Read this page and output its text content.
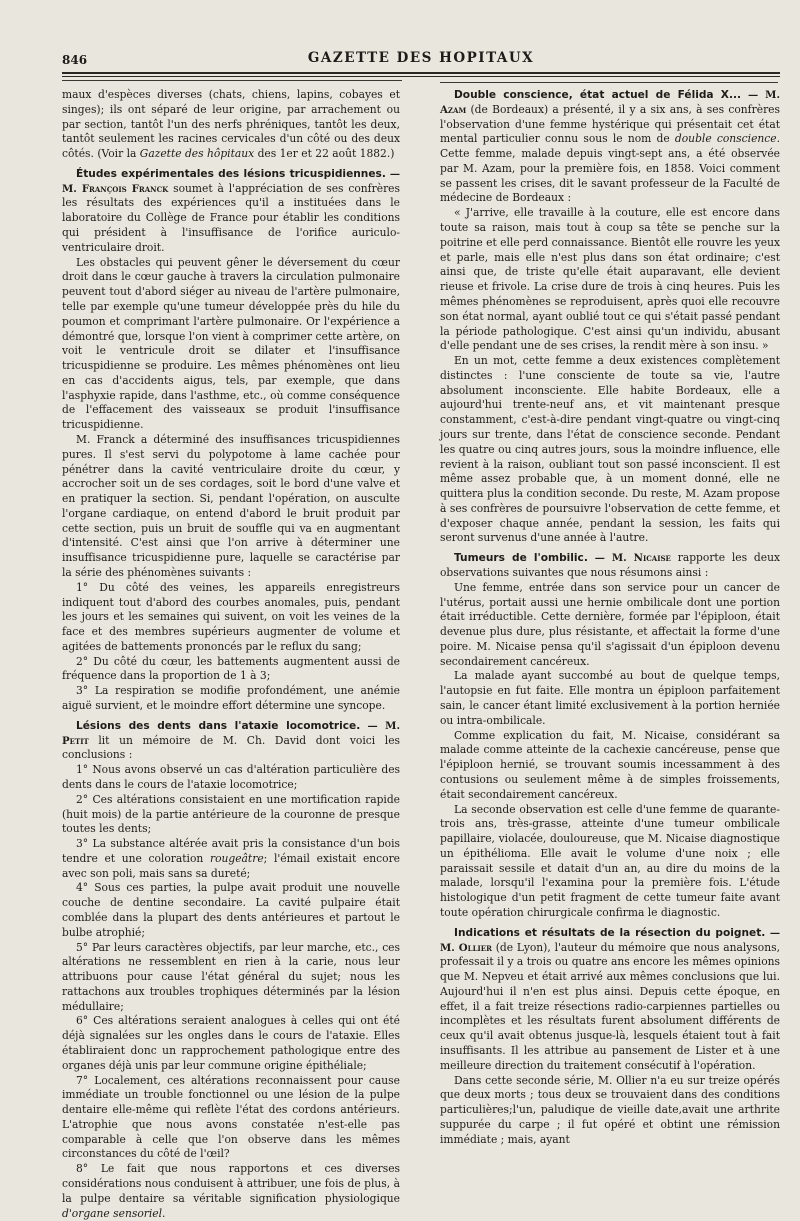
846	GAZETTE DES HOPITAUX

maux d'espèces diverses (chats, chiens, lapins, cobayes et singes); ils ont séparé de leur origine, par arrachement ou par section, tantôt l'un des nerfs phréniques, tantôt les deux, tantôt seulement les racines cervicales d'un côté ou des deux côtés. (Voir la Gazette des hôpitaux des 1er et 22 août 1882.)

Études expérimentales des lésions tricuspidiennes. — M. François Franck soumet à l'appréciation de ses confrères les résultats des expériences qu'il a instituées dans le laboratoire du Collège de France pour établir les conditions qui président à l'insuffisance de l'orifice auriculo-ventriculaire droit.

Les obstacles qui peuvent gêner le déversement du cœur droit dans le cœur gauche à travers la circulation pulmonaire peuvent tout d'abord siéger au niveau de l'artère pulmonaire, telle par exemple qu'une tumeur développée près du hile du poumon et comprimant l'artère pulmonaire. Or l'expérience a démontré que, lorsque l'on vient à comprimer cette artère, on voit le ventricule droit se dilater et l'insuffisance tricuspidienne se produire. Les mêmes phénomènes ont lieu en cas d'accidents aigus, tels, par exemple, que dans l'asphyxie rapide, dans l'asthme, etc., où comme conséquence de l'effacement des vaisseaux se produit l'insuffisance tricuspidienne.

M. Franck a déterminé des insuffisances tricuspidiennes pures. Il s'est servi du polypotome à lame cachée pour pénétrer dans la cavité ventriculaire droite du cœur, y accrocher soit un de ses cordages, soit le bord d'une valve et en pratiquer la section. Si, pendant l'opération, on ausculte l'organe cardiaque, on entend d'abord le bruit produit par cette section, puis un bruit de souffle qui va en augmentant d'intensité. C'est ainsi que l'on arrive à déterminer une insuffisance tricuspidienne pure, laquelle se caractérise par la série des phénomènes suivants :

1° Du côté des veines, les appareils enregistreurs indiquent tout d'abord des courbes anomales, puis, pendant les jours et les semaines qui suivent, on voit les veines de la face et des membres supérieurs augmenter de volume et agitées de battements prononcés par le reflux du sang;

2° Du côté du cœur, les battements augmentent aussi de fréquence dans la proportion de 1 à 3;

3° La respiration se modifie profondément, une anémie aiguë survient, et le moindre effort détermine une syncope.

Lésions des dents dans l'ataxie locomotrice. — M. Petit lit un mémoire de M. Ch. David dont voici les conclusions :

1° Nous avons observé un cas d'altération particulière des dents dans le cours de l'ataxie locomotrice;

2° Ces altérations consistaient en une mortification rapide (huit mois) de la partie antérieure de la couronne de presque toutes les dents;

3° La substance altérée avait pris la consistance d'un bois tendre et une coloration rougeâtre; l'émail existait encore avec son poli, mais sans sa dureté;

4° Sous ces parties, la pulpe avait produit une nouvelle couche de dentine secondaire. La cavité pulpaire était comblée dans la plupart des dents antérieures et partout le bulbe atrophié;

5° Par leurs caractères objectifs, par leur marche, etc., ces altérations ne ressemblent en rien à la carie, nous leur attribuons pour cause l'état général du sujet; nous les rattachons aux troubles trophiques déterminés par la lésion médullaire;

6° Ces altérations seraient analogues à celles qui ont été déjà signalées sur les ongles dans le cours de l'ataxie. Elles établiraient donc un rapprochement pathologique entre des organes déjà unis par leur commune origine épithéliale;

7° Localement, ces altérations reconnaissent pour cause immédiate un trouble fonctionnel ou une lésion de la pulpe dentaire elle-même qui reflète l'état des cordons antérieurs. L'atrophie que nous avons constatée n'est-elle pas comparable à celle que l'on observe dans les mêmes circonstances du côté de l'œil?

8° Le fait que nous rapportons et ces diverses considérations nous conduisent à attribuer, une fois de plus, à la pulpe dentaire sa véritable signification physiologique d'organe sensoriel.

Double conscience, état actuel de Félida X... — M. Azam (de Bordeaux) a présenté, il y a six ans, à ses confrères l'observation d'une femme hystérique qui présentait cet état mental particulier connu sous le nom de double conscience. Cette femme, malade depuis vingt-sept ans, a été observée par M. Azam, pour la première fois, en 1858. Voici comment se passent les crises, dit le savant professeur de la Faculté de médecine de Bordeaux :

« J'arrive, elle travaille à la couture, elle est encore dans toute sa raison, mais tout à coup sa tête se penche sur la poitrine et elle perd connaissance. Bientôt elle rouvre les yeux et parle, mais elle n'est plus dans son état ordinaire; c'est ainsi que, de triste qu'elle était auparavant, elle devient rieuse et frivole. La crise dure de trois à cinq heures. Puis les mêmes phénomènes se reproduisent, après quoi elle recouvre son état normal, ayant oublié tout ce qui s'était passé pendant la période pathologique. C'est ainsi qu'un individu, abusant d'elle pendant une de ses crises, la rendit mère à son insu. »

En un mot, cette femme a deux existences complètement distinctes : l'une consciente de toute sa vie, l'autre absolument inconsciente. Elle habite Bordeaux, elle a aujourd'hui trente-neuf ans, et vit maintenant presque constamment, c'est-à-dire pendant vingt-quatre ou vingt-cinq jours sur trente, dans l'état de conscience seconde. Pendant les quatre ou cinq autres jours, sous la moindre influence, elle revient à la raison, oubliant tout son passé inconscient. Il est même assez probable que, à un moment donné, elle ne quittera plus la condition seconde. Du reste, M. Azam propose à ses confrères de poursuivre l'observation de cette femme, et d'exposer chaque année, pendant la session, les faits qui seront survenus d'une année à l'autre.

Tumeurs de l'ombilic. — M. Nicaise rapporte les deux observations suivantes que nous résumons ainsi :

Une femme, entrée dans son service pour un cancer de l'utérus, portait aussi une hernie ombilicale dont une portion était irréductible. Cette dernière, formée par l'épiploon, était devenue plus dure, plus résistante, et affectait la forme d'une poire. M. Nicaise pensa qu'il s'agissait d'un épiploon devenu secondairement cancéreux.

La malade ayant succombé au bout de quelque temps, l'autopsie en fut faite. Elle montra un épiploon parfaitement sain, le cancer étant limité exclusivement à la portion herniée ou intra-ombilicale.

Comme explication du fait, M. Nicaise, considérant sa malade comme atteinte de la cachexie cancéreuse, pense que l'épiploon hernié, se trouvant soumis incessamment à des contusions ou seulement même à de simples froissements, était secondairement cancéreux.

La seconde observation est celle d'une femme de quarante-trois ans, très-grasse, atteinte d'une tumeur ombilicale papillaire, violacée, douloureuse, que M. Nicaise diagnostique un épithélioma. Elle avait le volume d'une noix ; elle paraissait sessile et datait d'un an, au dire du moins de la malade, lorsqu'il l'examina pour la première fois. L'étude histologique d'un petit fragment de cette tumeur faite avant toute opération chirurgicale confirma le diagnostic.

Indications et résultats de la résection du poignet. — M. Ollier (de Lyon), l'auteur du mémoire que nous analysons, professait il y a trois ou quatre ans encore les mêmes opinions que M. Nepveu et était arrivé aux mêmes conclusions que lui. Aujourd'hui il n'en est plus ainsi. Depuis cette époque, en effet, il a fait treize résections radio-carpiennes partielles ou incomplètes et les résultats furent absolument différents de ceux qu'il avait obtenus jusque-là, lesquels étaient tout à fait insuffisants. Il les attribue au pansement de Lister et à une meilleure direction du traitement consécutif à l'opération.

Dans cette seconde série, M. Ollier n'a eu sur treize opérés que deux morts ; tous deux se trouvaient dans des conditions particulières;l'un, paludique de vieille date,avait une arthrite suppurée du carpe ; il fut opéré et obtint une rémission immédiate ; mais, ayant
